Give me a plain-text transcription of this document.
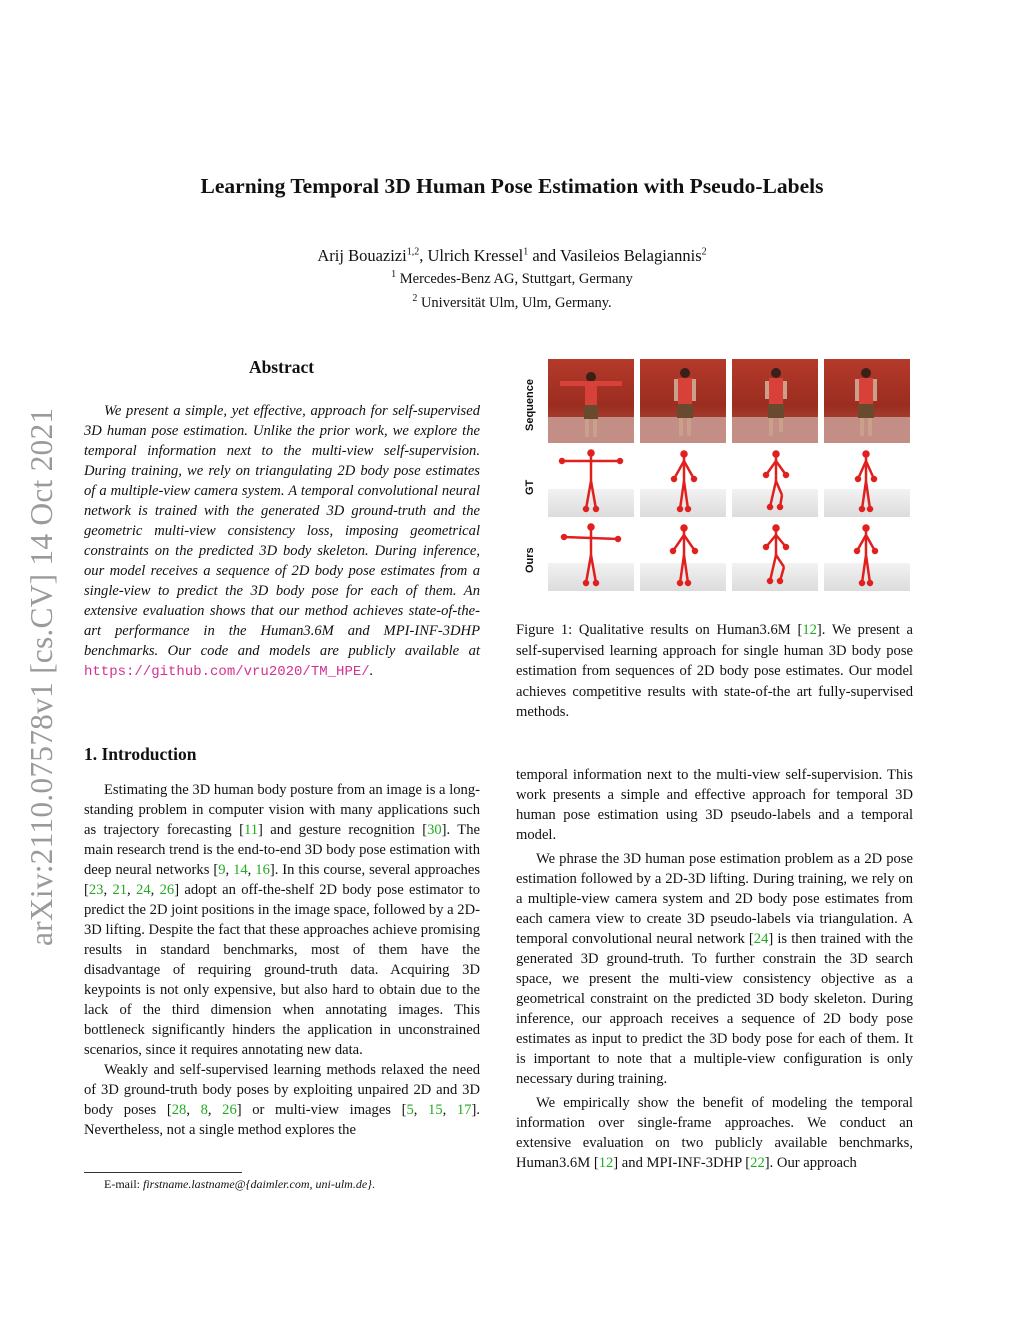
arXiv:2110.07578v1 [cs.CV] 14 Oct 2021
Learning Temporal 3D Human Pose Estimation with Pseudo-Labels
Arij Bouazizi$^{1,2}$, Ulrich Kressel$^1$ and Vasileios Belagiannis$^2$
$^1$ Mercedes-Benz AG, Stuttgart, Germany
$^2$ Universität Ulm, Ulm, Germany.
Abstract

We present a simple, yet effective, approach for self-supervised 3D human pose estimation. Unlike the prior work, we explore the temporal information next to the multi-view self-supervision. During training, we rely on triangulating 2D body pose estimates of a multiple-view camera system. A temporal convolutional neural network is trained with the generated 3D ground-truth and the geometric multi-view consistency loss, imposing geometrical constraints on the predicted 3D body skeleton. During inference, our model receives a sequence of 2D body pose estimates from a single-view to predict the 3D body pose for each of them. An extensive evaluation shows that our method achieves state-of-the-art performance in the Human3.6M and MPI-INF-3DHP benchmarks. Our code and models are publicly available at https://github.com/vru2020/TM_HPE/.

Sequence
GT
Ours
Figure 1: Qualitative results on Human3.6M [12]. We present a self-supervised learning approach for single human 3D body pose estimation from sequences of 2D body pose estimates. Our model achieves competitive results with state-of-the art fully-supervised methods.
1. Introduction

Estimating the 3D human body posture from an image is a long-standing problem in computer vision with many applications such as trajectory forecasting [11] and gesture recognition [30]. The main research trend is the end-to-end 3D body pose estimation with deep neural networks [9, 14, 16]. In this course, several approaches [23, 21, 24, 26] adopt an off-the-shelf 2D body pose estimator to predict the 2D joint positions in the image space, followed by a 2D-3D lifting. Despite the fact that these approaches achieve promising results in standard benchmarks, most of them have the disadvantage of requiring ground-truth data. Acquiring 3D keypoints is not only expensive, but also hard to obtain due to the lack of the third dimension when annotating images. This bottleneck significantly hinders the application in unconstrained scenarios, since it requires annotating new data.

Weakly and self-supervised learning methods relaxed the need of 3D ground-truth body poses by exploiting unpaired 2D and 3D body poses [28, 8, 26] or multi-view images [5, 15, 17]. Nevertheless, not a single method explores the

E-mail: firstname.lastname@{daimler.com, uni-ulm.de}.

temporal information next to the multi-view self-supervision. This work presents a simple and effective approach for temporal 3D human pose estimation using 3D pseudo-labels and a temporal model.

We phrase the 3D human pose estimation problem as a 2D pose estimation followed by a 2D-3D lifting. During training, we rely on a multiple-view camera system and 2D body pose estimates from each camera view to create 3D pseudo-labels via triangulation. A temporal convolutional neural network [24] is then trained with the generated 3D ground-truth. To further constrain the 3D search space, we present the multi-view consistency objective as a geometrical constraint on the predicted 3D body skeleton. During inference, our approach receives a sequence of 2D body pose estimates as input to predict the 3D body pose for each of them. It is important to note that a multiple-view configuration is only necessary during training.

We empirically show the benefit of modeling the temporal information over single-frame approaches. We conduct an extensive evaluation on two publicly available benchmarks, Human3.6M [12] and MPI-INF-3DHP [22]. Our approach
